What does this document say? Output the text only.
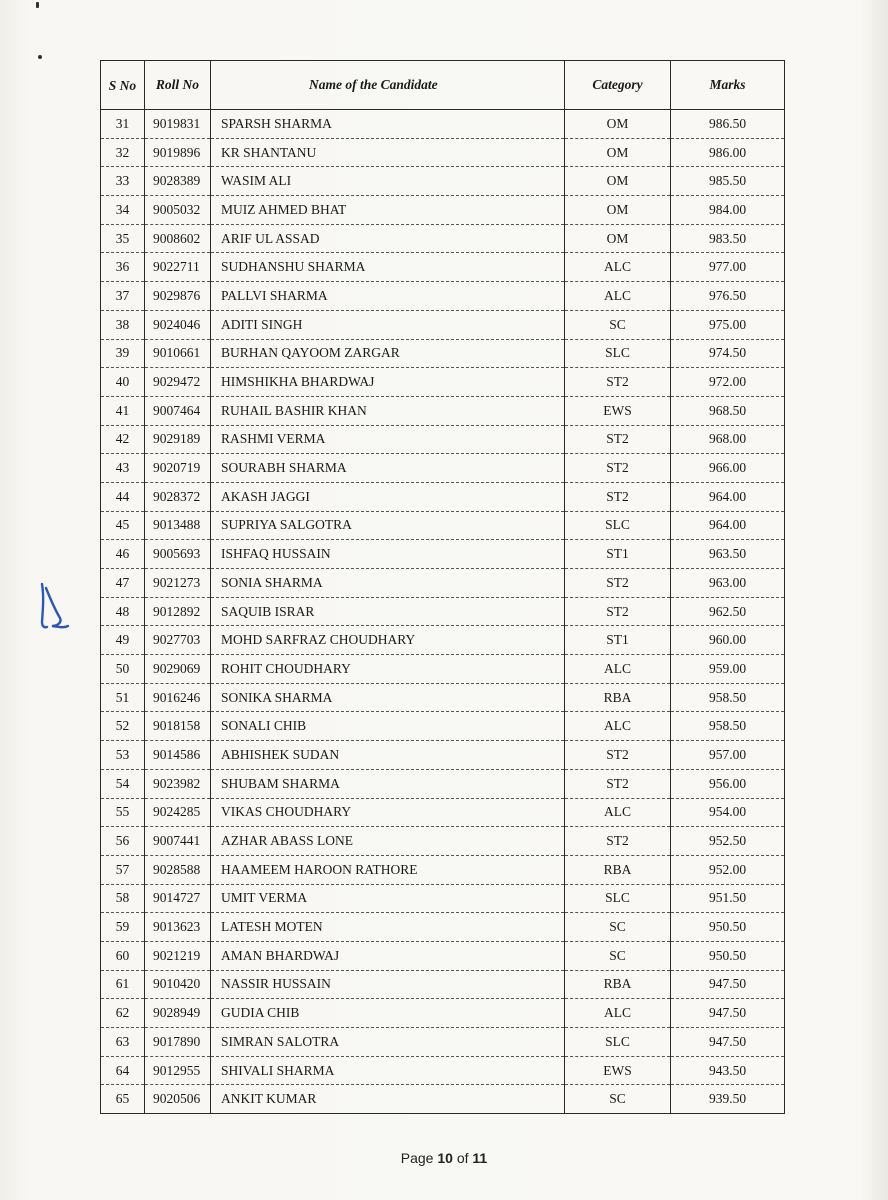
S No	Roll No	Name of the Candidate	Category	Marks
31	9019831	SPARSH SHARMA	OM	986.50
32	9019896	KR SHANTANU	OM	986.00
33	9028389	WASIM ALI	OM	985.50
34	9005032	MUIZ AHMED BHAT	OM	984.00
35	9008602	ARIF UL ASSAD	OM	983.50
36	9022711	SUDHANSHU SHARMA	ALC	977.00
37	9029876	PALLVI SHARMA	ALC	976.50
38	9024046	ADITI SINGH	SC	975.00
39	9010661	BURHAN QAYOOM ZARGAR	SLC	974.50
40	9029472	HIMSHIKHA BHARDWAJ	ST2	972.00
41	9007464	RUHAIL BASHIR KHAN	EWS	968.50
42	9029189	RASHMI VERMA	ST2	968.00
43	9020719	SOURABH SHARMA	ST2	966.00
44	9028372	AKASH JAGGI	ST2	964.00
45	9013488	SUPRIYA SALGOTRA	SLC	964.00
46	9005693	ISHFAQ HUSSAIN	ST1	963.50
47	9021273	SONIA SHARMA	ST2	963.00
48	9012892	SAQUIB ISRAR	ST2	962.50
49	9027703	MOHD SARFRAZ CHOUDHARY	ST1	960.00
50	9029069	ROHIT CHOUDHARY	ALC	959.00
51	9016246	SONIKA SHARMA	RBA	958.50
52	9018158	SONALI CHIB	ALC	958.50
53	9014586	ABHISHEK SUDAN	ST2	957.00
54	9023982	SHUBAM SHARMA	ST2	956.00
55	9024285	VIKAS CHOUDHARY	ALC	954.00
56	9007441	AZHAR ABASS LONE	ST2	952.50
57	9028588	HAAMEEM HAROON RATHORE	RBA	952.00
58	9014727	UMIT VERMA	SLC	951.50
59	9013623	LATESH MOTEN	SC	950.50
60	9021219	AMAN BHARDWAJ	SC	950.50
61	9010420	NASSIR HUSSAIN	RBA	947.50
62	9028949	GUDIA CHIB	ALC	947.50
63	9017890	SIMRAN SALOTRA	SLC	947.50
64	9012955	SHIVALI SHARMA	EWS	943.50
65	9020506	ANKIT KUMAR	SC	939.50
Page 10 of 11
